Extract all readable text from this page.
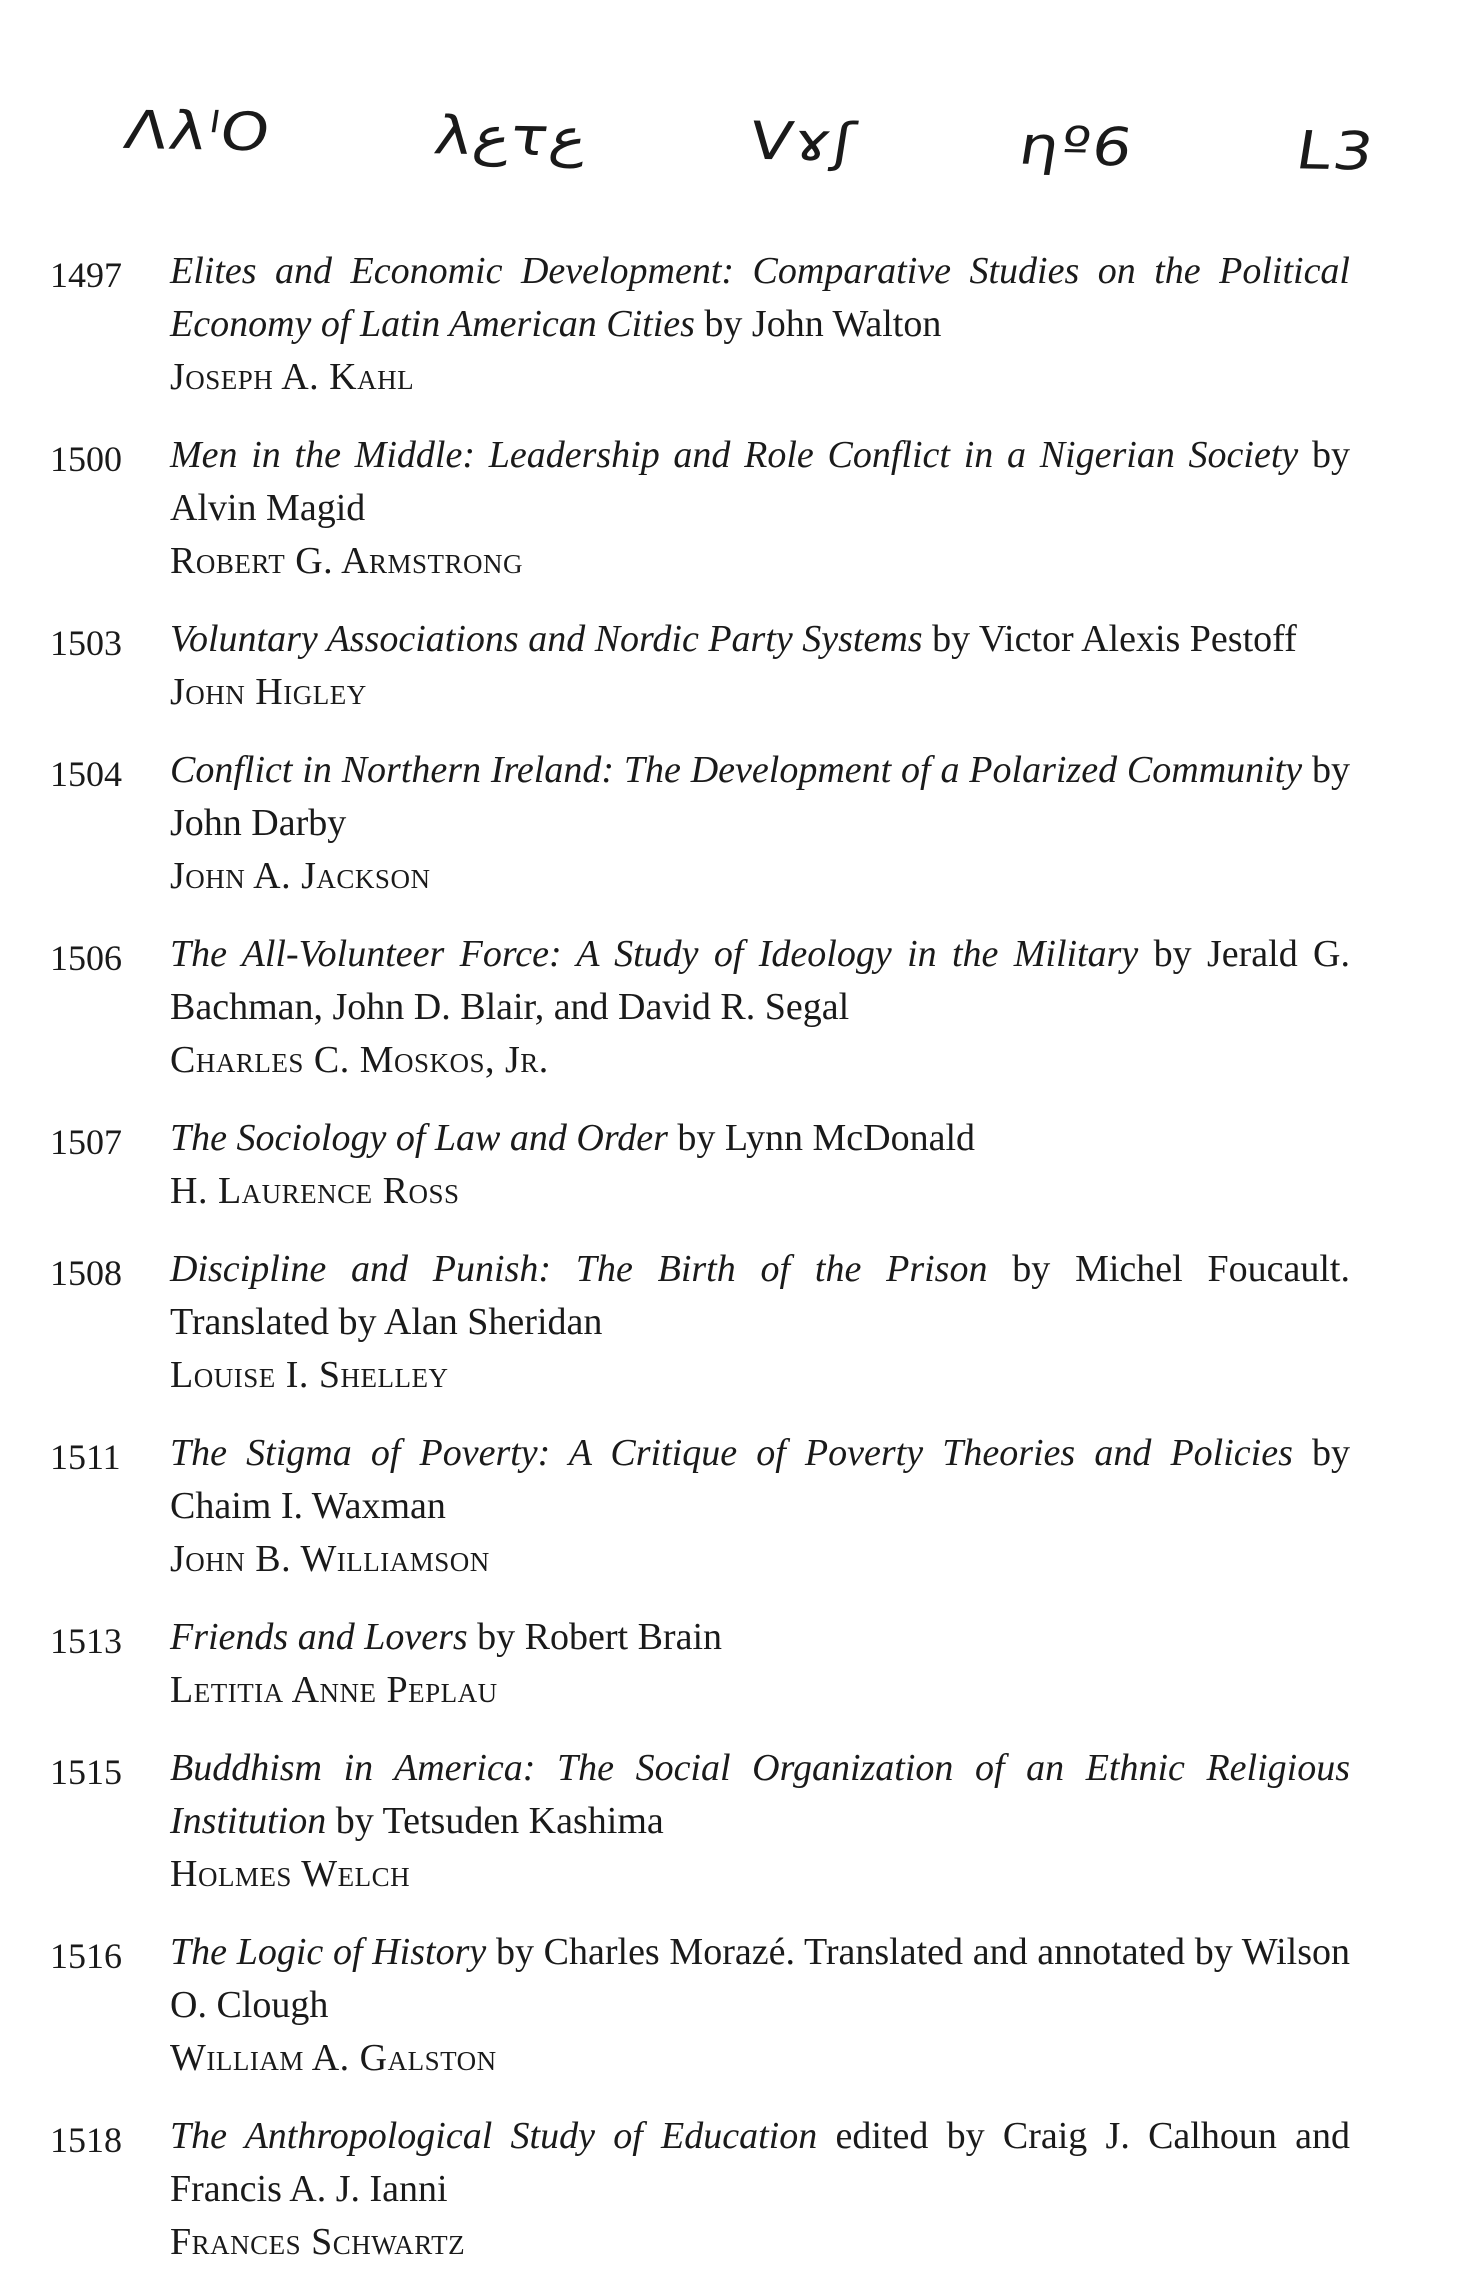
ΛλˡO λعτع Vɤʃ ηº6 L3
1497	Elites and Economic Development: Comparative Studies on the Political Economy of Latin American Cities by John Walton
Joseph A. Kahl
1500	Men in the Middle: Leadership and Role Conflict in a Nigerian Society by Alvin Magid
Robert G. Armstrong
1503	Voluntary Associations and Nordic Party Systems by Victor Alexis Pestoff
John Higley
1504	Conflict in Northern Ireland: The Development of a Polarized Community by John Darby
John A. Jackson
1506	The All-Volunteer Force: A Study of Ideology in the Military by Jerald G. Bachman, John D. Blair, and David R. Segal
Charles C. Moskos, Jr.
1507	The Sociology of Law and Order by Lynn McDonald
H. Laurence Ross
1508	Discipline and Punish: The Birth of the Prison by Michel Foucault. Translated by Alan Sheridan
Louise I. Shelley
1511	The Stigma of Poverty: A Critique of Poverty Theories and Policies by Chaim I. Waxman
John B. Williamson
1513	Friends and Lovers by Robert Brain
Letitia Anne Peplau
1515	Buddhism in America: The Social Organization of an Ethnic Religious Institution by Tetsuden Kashima
Holmes Welch
1516	The Logic of History by Charles Morazé. Translated and annotated by Wilson O. Clough
William A. Galston
1518	The Anthropological Study of Education edited by Craig J. Calhoun and Francis A. J. Ianni
Frances Schwartz
